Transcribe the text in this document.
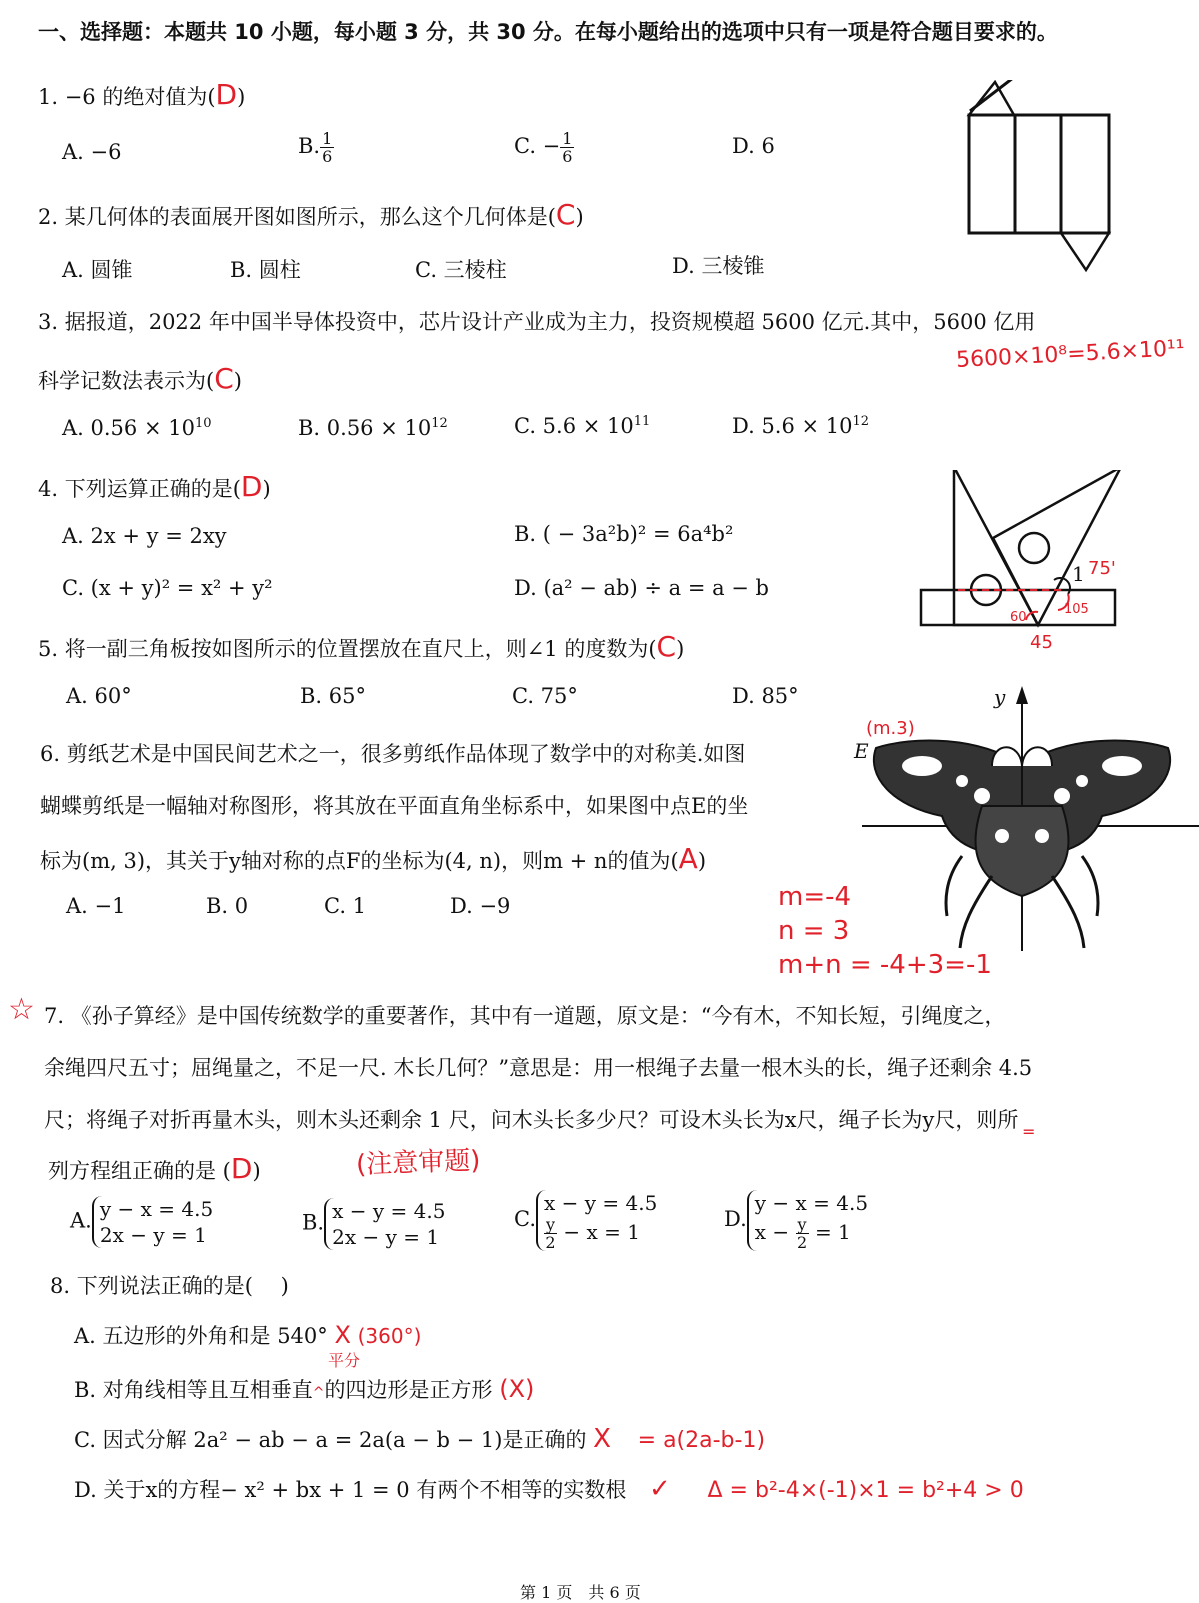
一、选择题：本题共 10 小题，每小题 3 分，共 30 分。在每小题给出的选项中只有一项是符合题目要求的。
1. −6 的绝对值为(D)
A. −6	B. $\frac{1}{6}$	C. − $\frac{1}{6}$	D. 6
2. 某几何体的表面展开图如图所示，那么这个几何体是(C)
A. 圆锥	B. 圆柱	C. 三棱柱	D. 三棱锥
3. 据报道，2022 年中国半导体投资中，芯片设计产业成为主力，投资规模超 5600 亿元.其中，5600 亿用
科学记数法表示为(C)
5600×10⁸=5.6×10¹¹
A. $0.56 \times 10^{10}$	B. $0.56 \times 10^{12}$	C. $5.6 \times 10^{11}$	D. $5.6 \times 10^{12}$
4. 下列运算正确的是(D)
A. 2x + y = 2xy	B. ( − 3a²b)² = 6a⁴b²
C. (x + y)² = x² + y²	D. (a² − ab) ÷ a = a − b
1 75'
105
60
45
5. 将一副三角板按如图所示的位置摆放在直尺上，则∠1 的度数为(C)
A. 60°	B. 65°	C. 75°	D. 85°
6. 剪纸艺术是中国民间艺术之一，很多剪纸作品体现了数学中的对称美.如图
蝴蝶剪纸是一幅轴对称图形，将其放在平面直角坐标系中，如果图中点E的坐
标为(m, 3)，其关于y轴对称的点F的坐标为(4, n)，则m + n的值为(A)
A. −1	B. 0	C. 1	D. −9	m=-4
n = 3
m+n = -4+3=-1
y
E
(m.3)
☆ 7. 《孙子算经》是中国传统数学的重要著作，其中有一道题，原文是：“今有木，不知长短，引绳度之，
余绳四尺五寸；屈绳量之，不足一尺. 木长几何？”意思是：用一根绳子去量一根木头的长，绳子还剩余 4.5
尺；将绳子对折再量木头，则木头还剩余 1 尺，问木头长多少尺？可设木头长为x尺，绳子长为y尺，则所
列方程组正确的是 (D)	(注意审题)
=
A. y − x = 4.5
2x − y = 1
B. x − y = 4.5
2x − y = 1
C.
x − y = 4.5
$\frac{y}{2} - x = 1$
D.
y − x = 4.5
$x - \frac{y}{2} = 1$
8. 下列说法正确的是(　 )
A. 五边形的外角和是 540° X (360°)
平分
B. 对角线相等且互相垂直^的四边形是正方形 (X)
C. 因式分解 2a² − ab − a = 2a(a − b − 1)是正确的 X = a(2a-b-1)
D. 关于x的方程− x² + bx + 1 = 0 有两个不相等的实数根 ✓ Δ = b²-4×(-1)×1 = b²+4 > 0
第 1 页　共 6 页
